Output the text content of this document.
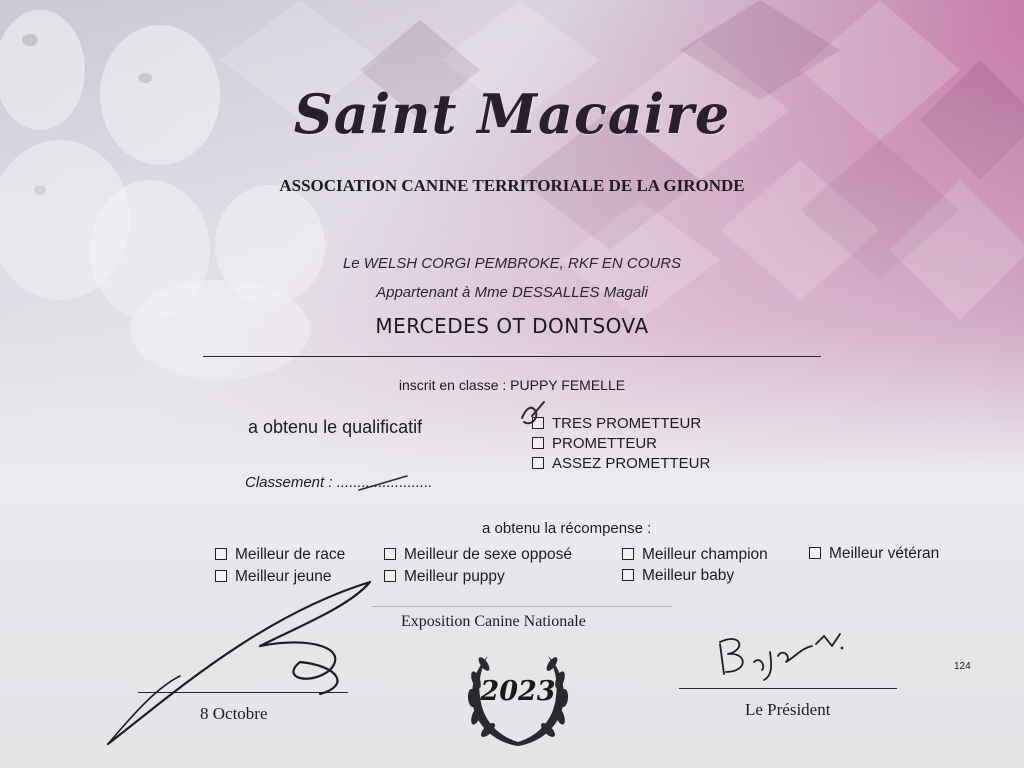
Saint Macaire
ASSOCIATION CANINE TERRITORIALE DE LA GIRONDE
Le WELSH CORGI PEMBROKE, RKF EN COURS
Appartenant à Mme DESSALLES Magali
MERCEDES OT DONTSOVA
inscrit en classe : PUPPY FEMELLE
a obtenu le qualificatif	TRES PROMETTEUR
PROMETTEUR
ASSEZ PROMETTEUR
Classement : .......................
a obtenu la récompense :
Meilleur de race	Meilleur de sexe opposé	Meilleur champion	Meilleur vétéran
Meilleur jeune	Meilleur puppy	Meilleur baby
Exposition Canine Nationale
2023
8 Octobre	Le Président
124
